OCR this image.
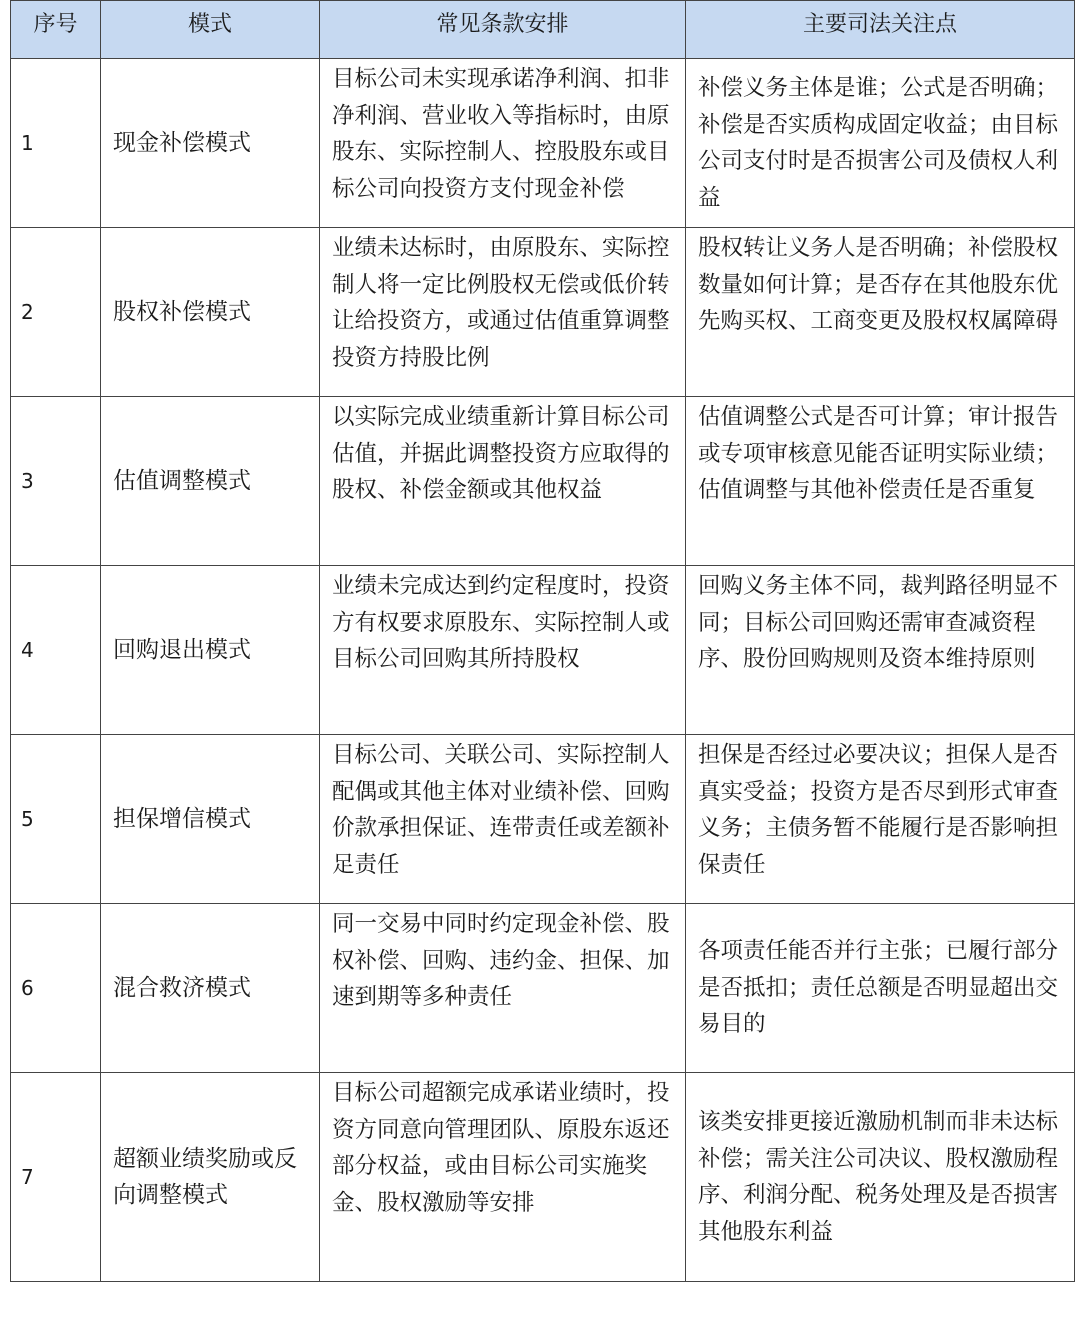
序号	模式	常见条款安排	主要司法关注点
1	现金补偿模式	目标公司未实现承诺净利润、扣非净利润、营业收入等指标时，由原股东、实际控制人、控股股东或目标公司向投资方支付现金补偿	补偿义务主体是谁；公式是否明确；补偿是否实质构成固定收益；由目标公司支付时是否损害公司及债权人利益
2	股权补偿模式	业绩未达标时，由原股东、实际控制人将一定比例股权无偿或低价转让给投资方，或通过估值重算调整投资方持股比例	股权转让义务人是否明确；补偿股权数量如何计算；是否存在其他股东优先购买权、工商变更及股权权属障碍
3	估值调整模式	以实际完成业绩重新计算目标公司估值，并据此调整投资方应取得的股权、补偿金额或其他权益	估值调整公式是否可计算；审计报告或专项审核意见能否证明实际业绩；估值调整与其他补偿责任是否重复
4	回购退出模式	业绩未完成达到约定程度时，投资方有权要求原股东、实际控制人或目标公司回购其所持股权	回购义务主体不同，裁判路径明显不同；目标公司回购还需审查减资程序、股份回购规则及资本维持原则
5	担保增信模式	目标公司、关联公司、实际控制人配偶或其他主体对业绩补偿、回购价款承担保证、连带责任或差额补足责任	担保是否经过必要决议；担保人是否真实受益；投资方是否尽到形式审查义务；主债务暂不能履行是否影响担保责任
6	混合救济模式	同一交易中同时约定现金补偿、股权补偿、回购、违约金、担保、加速到期等多种责任	各项责任能否并行主张；已履行部分是否抵扣；责任总额是否明显超出交易目的
7	超额业绩奖励或反向调整模式	目标公司超额完成承诺业绩时，投资方同意向管理团队、原股东返还部分权益，或由目标公司实施奖金、股权激励等安排	该类安排更接近激励机制而非未达标补偿；需关注公司决议、股权激励程序、利润分配、税务处理及是否损害其他股东利益
